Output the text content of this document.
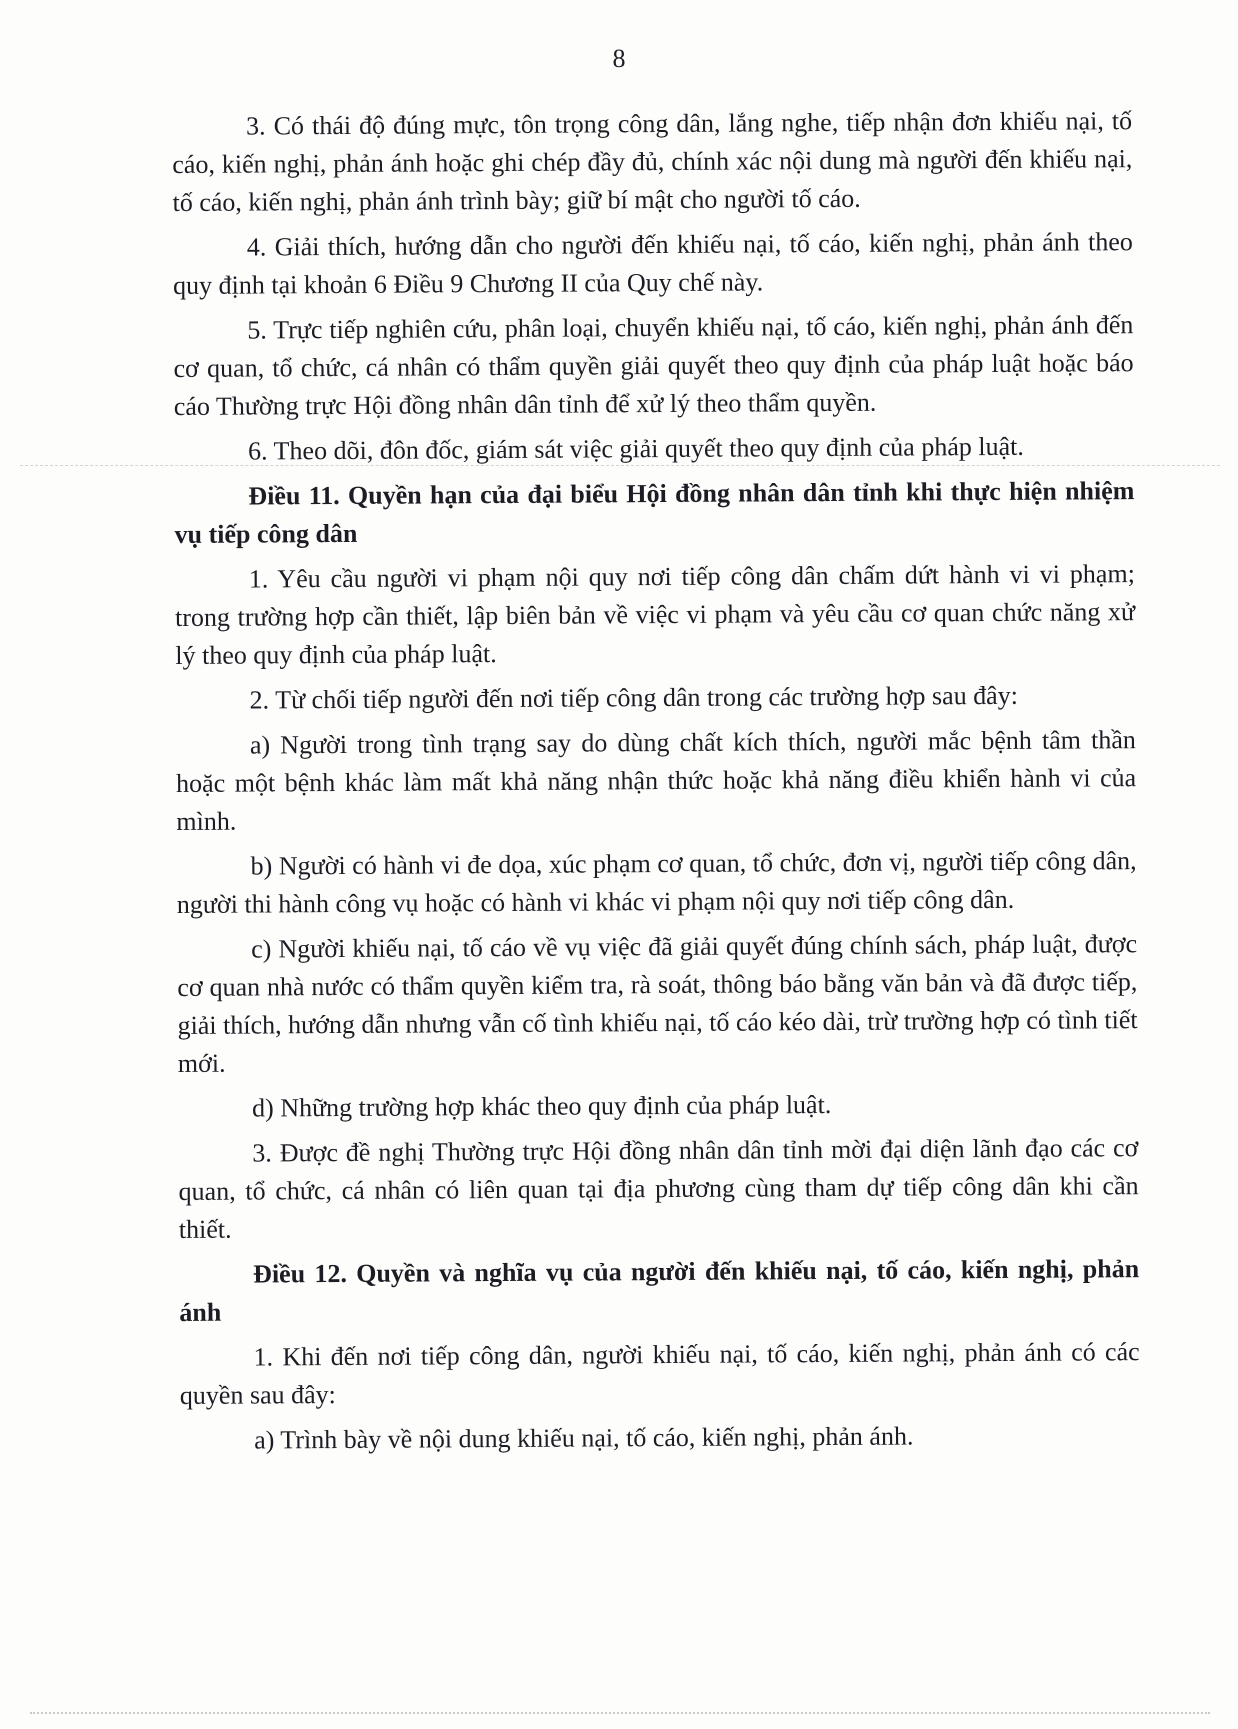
8

3. Có thái độ đúng mực, tôn trọng công dân, lắng nghe, tiếp nhận đơn khiếu nại, tố cáo, kiến nghị, phản ánh hoặc ghi chép đầy đủ, chính xác nội dung mà người đến khiếu nại, tố cáo, kiến nghị, phản ánh trình bày; giữ bí mật cho người tố cáo.

4. Giải thích, hướng dẫn cho người đến khiếu nại, tố cáo, kiến nghị, phản ánh theo quy định tại khoản 6 Điều 9 Chương II của Quy chế này.

5. Trực tiếp nghiên cứu, phân loại, chuyển khiếu nại, tố cáo, kiến nghị, phản ánh đến cơ quan, tổ chức, cá nhân có thẩm quyền giải quyết theo quy định của pháp luật hoặc báo cáo Thường trực Hội đồng nhân dân tỉnh để xử lý theo thẩm quyền.

6. Theo dõi, đôn đốc, giám sát việc giải quyết theo quy định của pháp luật.

Điều 11. Quyền hạn của đại biểu Hội đồng nhân dân tỉnh khi thực hiện nhiệm vụ tiếp công dân

1. Yêu cầu người vi phạm nội quy nơi tiếp công dân chấm dứt hành vi vi phạm; trong trường hợp cần thiết, lập biên bản về việc vi phạm và yêu cầu cơ quan chức năng xử lý theo quy định của pháp luật.

2. Từ chối tiếp người đến nơi tiếp công dân trong các trường hợp sau đây:

a) Người trong tình trạng say do dùng chất kích thích, người mắc bệnh tâm thần hoặc một bệnh khác làm mất khả năng nhận thức hoặc khả năng điều khiển hành vi của mình.

b) Người có hành vi đe dọa, xúc phạm cơ quan, tổ chức, đơn vị, người tiếp công dân, người thi hành công vụ hoặc có hành vi khác vi phạm nội quy nơi tiếp công dân.

c) Người khiếu nại, tố cáo về vụ việc đã giải quyết đúng chính sách, pháp luật, được cơ quan nhà nước có thẩm quyền kiểm tra, rà soát, thông báo bằng văn bản và đã được tiếp, giải thích, hướng dẫn nhưng vẫn cố tình khiếu nại, tố cáo kéo dài, trừ trường hợp có tình tiết mới.

d) Những trường hợp khác theo quy định của pháp luật.

3. Được đề nghị Thường trực Hội đồng nhân dân tỉnh mời đại diện lãnh đạo các cơ quan, tổ chức, cá nhân có liên quan tại địa phương cùng tham dự tiếp công dân khi cần thiết.

Điều 12. Quyền và nghĩa vụ của người đến khiếu nại, tố cáo, kiến nghị, phản ánh

1. Khi đến nơi tiếp công dân, người khiếu nại, tố cáo, kiến nghị, phản ánh có các quyền sau đây:

a) Trình bày về nội dung khiếu nại, tố cáo, kiến nghị, phản ánh.
